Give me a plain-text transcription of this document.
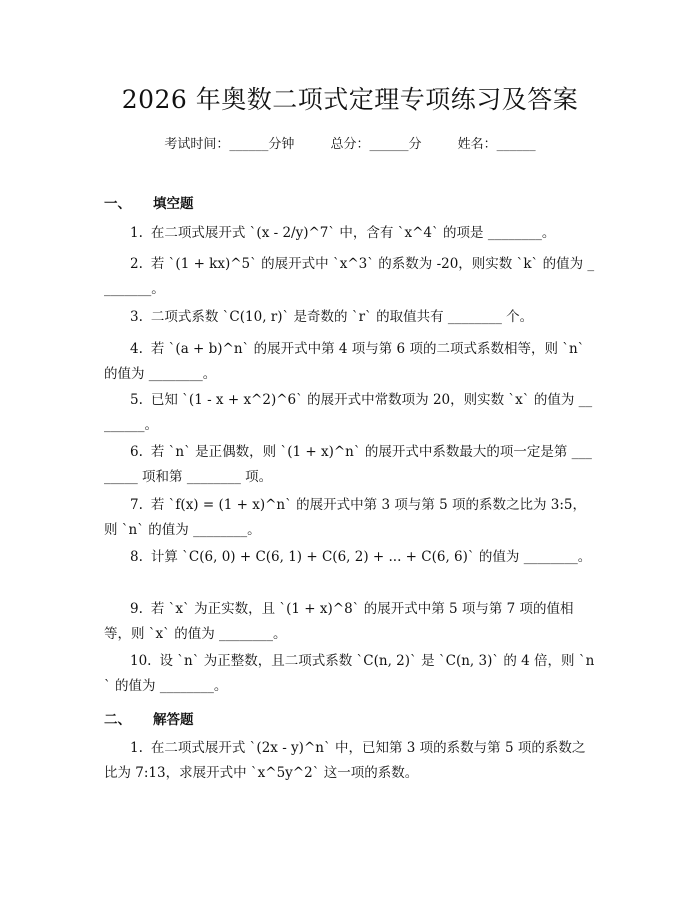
2026 年奥数二项式定理专项练习及答案
考试时间：______分钟	总分：______分	姓名：______
一、 填空题
1. 在二项式展开式 `(x - 2/y)^7` 中，含有 `x^4` 的项是 ________。
2. 若 `(1 + kx)^5` 的展开式中 `x^3` 的系数为 -20，则实数 `k` 的值为 ________。
3. 二项式系数 `C(10, r)` 是奇数的 `r` 的取值共有 ________ 个。
4. 若 `(a + b)^n` 的展开式中第 4 项与第 6 项的二项式系数相等，则 `n` 的值为 ________。
5. 已知 `(1 - x + x^2)^6` 的展开式中常数项为 20，则实数 `x` 的值为 ________。
6. 若 `n` 是正偶数，则 `(1 + x)^n` 的展开式中系数最大的项一定是第 ________ 项和第 ________ 项。
7. 若 `f(x) = (1 + x)^n` 的展开式中第 3 项与第 5 项的系数之比为 3:5，则 `n` 的值为 ________。
8. 计算 `C(6, 0) + C(6, 1) + C(6, 2) + ... + C(6, 6)` 的值为 ________。
9. 若 `x` 为正实数，且 `(1 + x)^8` 的展开式中第 5 项与第 7 项的值相等，则 `x` 的值为 ________。
10. 设 `n` 为正整数，且二项式系数 `C(n, 2)` 是 `C(n, 3)` 的 4 倍，则 `n` 的值为 ________。
二、 解答题
1. 在二项式展开式 `(2x - y)^n` 中，已知第 3 项的系数与第 5 项的系数之比为 7:13，求展开式中 `x^5y^2` 这一项的系数。
